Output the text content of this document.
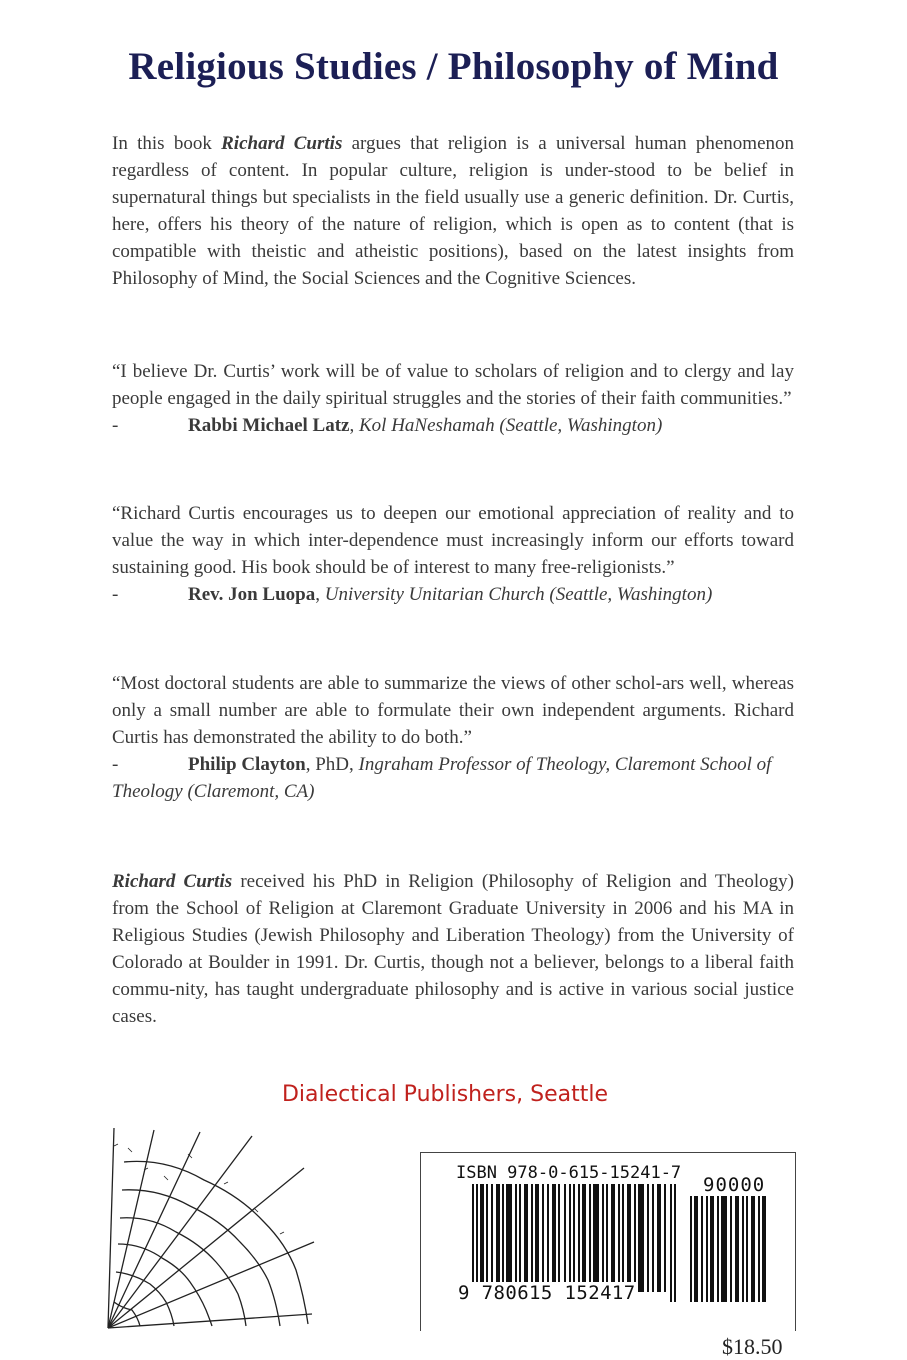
Religious Studies / Philosophy of Mind

In this book Richard Curtis argues that religion is a universal human phenomenon regardless of content. In popular culture, religion is under-stood to be belief in supernatural things but specialists in the field usually use a generic definition. Dr. Curtis, here, offers his theory of the nature of religion, which is open as to content (that is compatible with theistic and atheistic positions), based on the latest insights from Philosophy of Mind, the Social Sciences and the Cognitive Sciences.

“I believe Dr. Curtis’ work will be of value to scholars of religion and to clergy and lay people engaged in the daily spiritual struggles and the stories of their faith communities.”

-	Rabbi Michael Latz, Kol HaNeshamah (Seattle, Washington)

“Richard Curtis encourages us to deepen our emotional appreciation of reality and to value the way in which inter-dependence must increasingly inform our efforts toward sustaining good. His book should be of interest to many free-religionists.”

-	Rev. Jon Luopa, University Unitarian Church (Seattle, Washington)

“Most doctoral students are able to summarize the views of other schol-ars well, whereas only a small number are able to formulate their own independent arguments. Richard Curtis has demonstrated the ability to do both.”

-	Philip Clayton, PhD, Ingraham Professor of Theology, Claremont School of Theology (Claremont, CA)

Richard Curtis received his PhD in Religion (Philosophy of Religion and Theology) from the School of Religion at Claremont Graduate University in 2006 and his MA in Religious Studies (Jewish Philosophy and Liberation Theology) from the University of Colorado at Boulder in 1991. Dr. Curtis, though not a believer, belongs to a liberal faith commu-nity, has taught undergraduate philosophy and is active in various social justice cases.

Dialectical Publishers, Seattle
ISBN 978-0-615-15241-7
90000
9 780615 152417
$18.50
